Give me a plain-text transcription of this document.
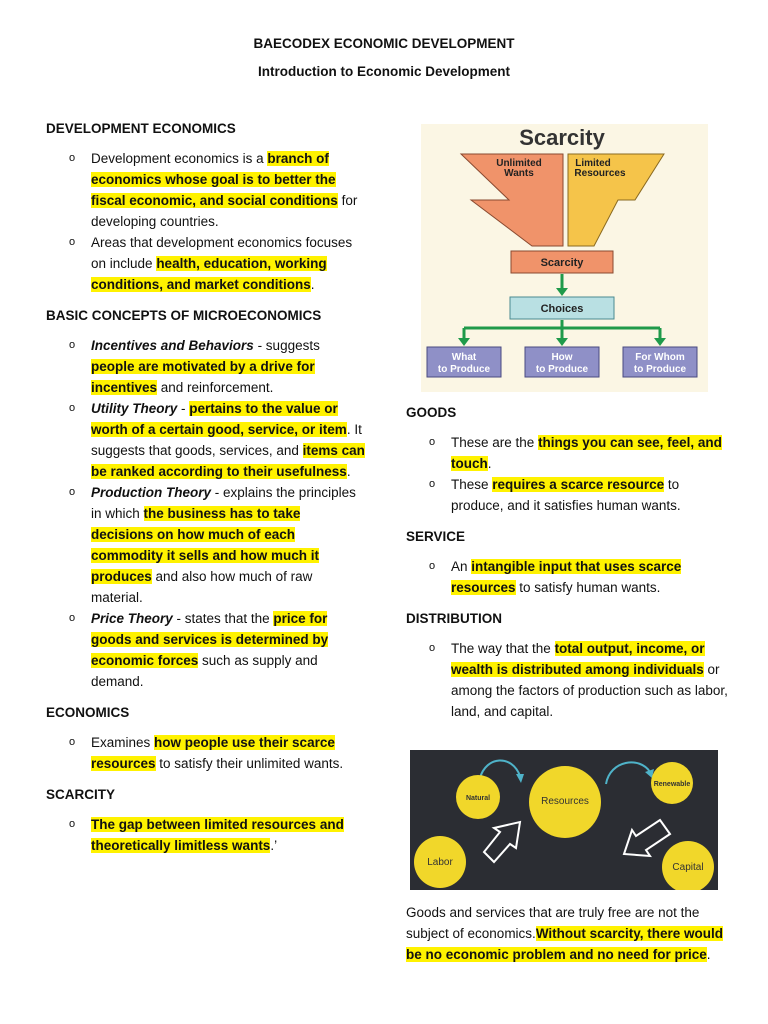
BAECODEX ECONOMIC DEVELOPMENT
Introduction to Economic Development
DEVELOPMENT ECONOMICS
o Development economics is a branch of economics whose goal is to better the fiscal economic, and social conditions for developing countries.
o Areas that development economics focuses on include health, education, working conditions, and market conditions.
BASIC CONCEPTS OF MICROECONOMICS
o Incentives and Behaviors - suggests people are motivated by a drive for incentives and reinforcement.
o Utility Theory - pertains to the value or worth of a certain good, service, or item. It suggests that goods, services, and items can be ranked according to their usefulness.
o Production Theory - explains the principles in which the business has to take decisions on how much of each commodity it sells and how much it produces and also how much of raw material.
o Price Theory - states that the price for goods and services is determined by economic forces such as supply and demand.
ECONOMICS
o Examines how people use their scarce resources to satisfy their unlimited wants.
SCARCITY
o The gap between limited resources and theoretically limitless wants.’
Scarcity
Unlimited
Wants
Limited
Resources
Scarcity
Choices
What
to Produce
How
to Produce
For Whom
to Produce
GOODS
o These are the things you can see, feel, and touch.
o These requires a scarce resource to produce, and it satisfies human wants.
SERVICE
o An intangible input that uses scarce resources to satisfy human wants.
DISTRIBUTION
o The way that the total output, income, or wealth is distributed among individuals or among the factors of production such as labor, land, and capital.
Natural
Renewable
Resources
Labor	Capital
Goods and services that are truly free are not the subject of economics.Without scarcity, there would be no economic problem and no need for price.
